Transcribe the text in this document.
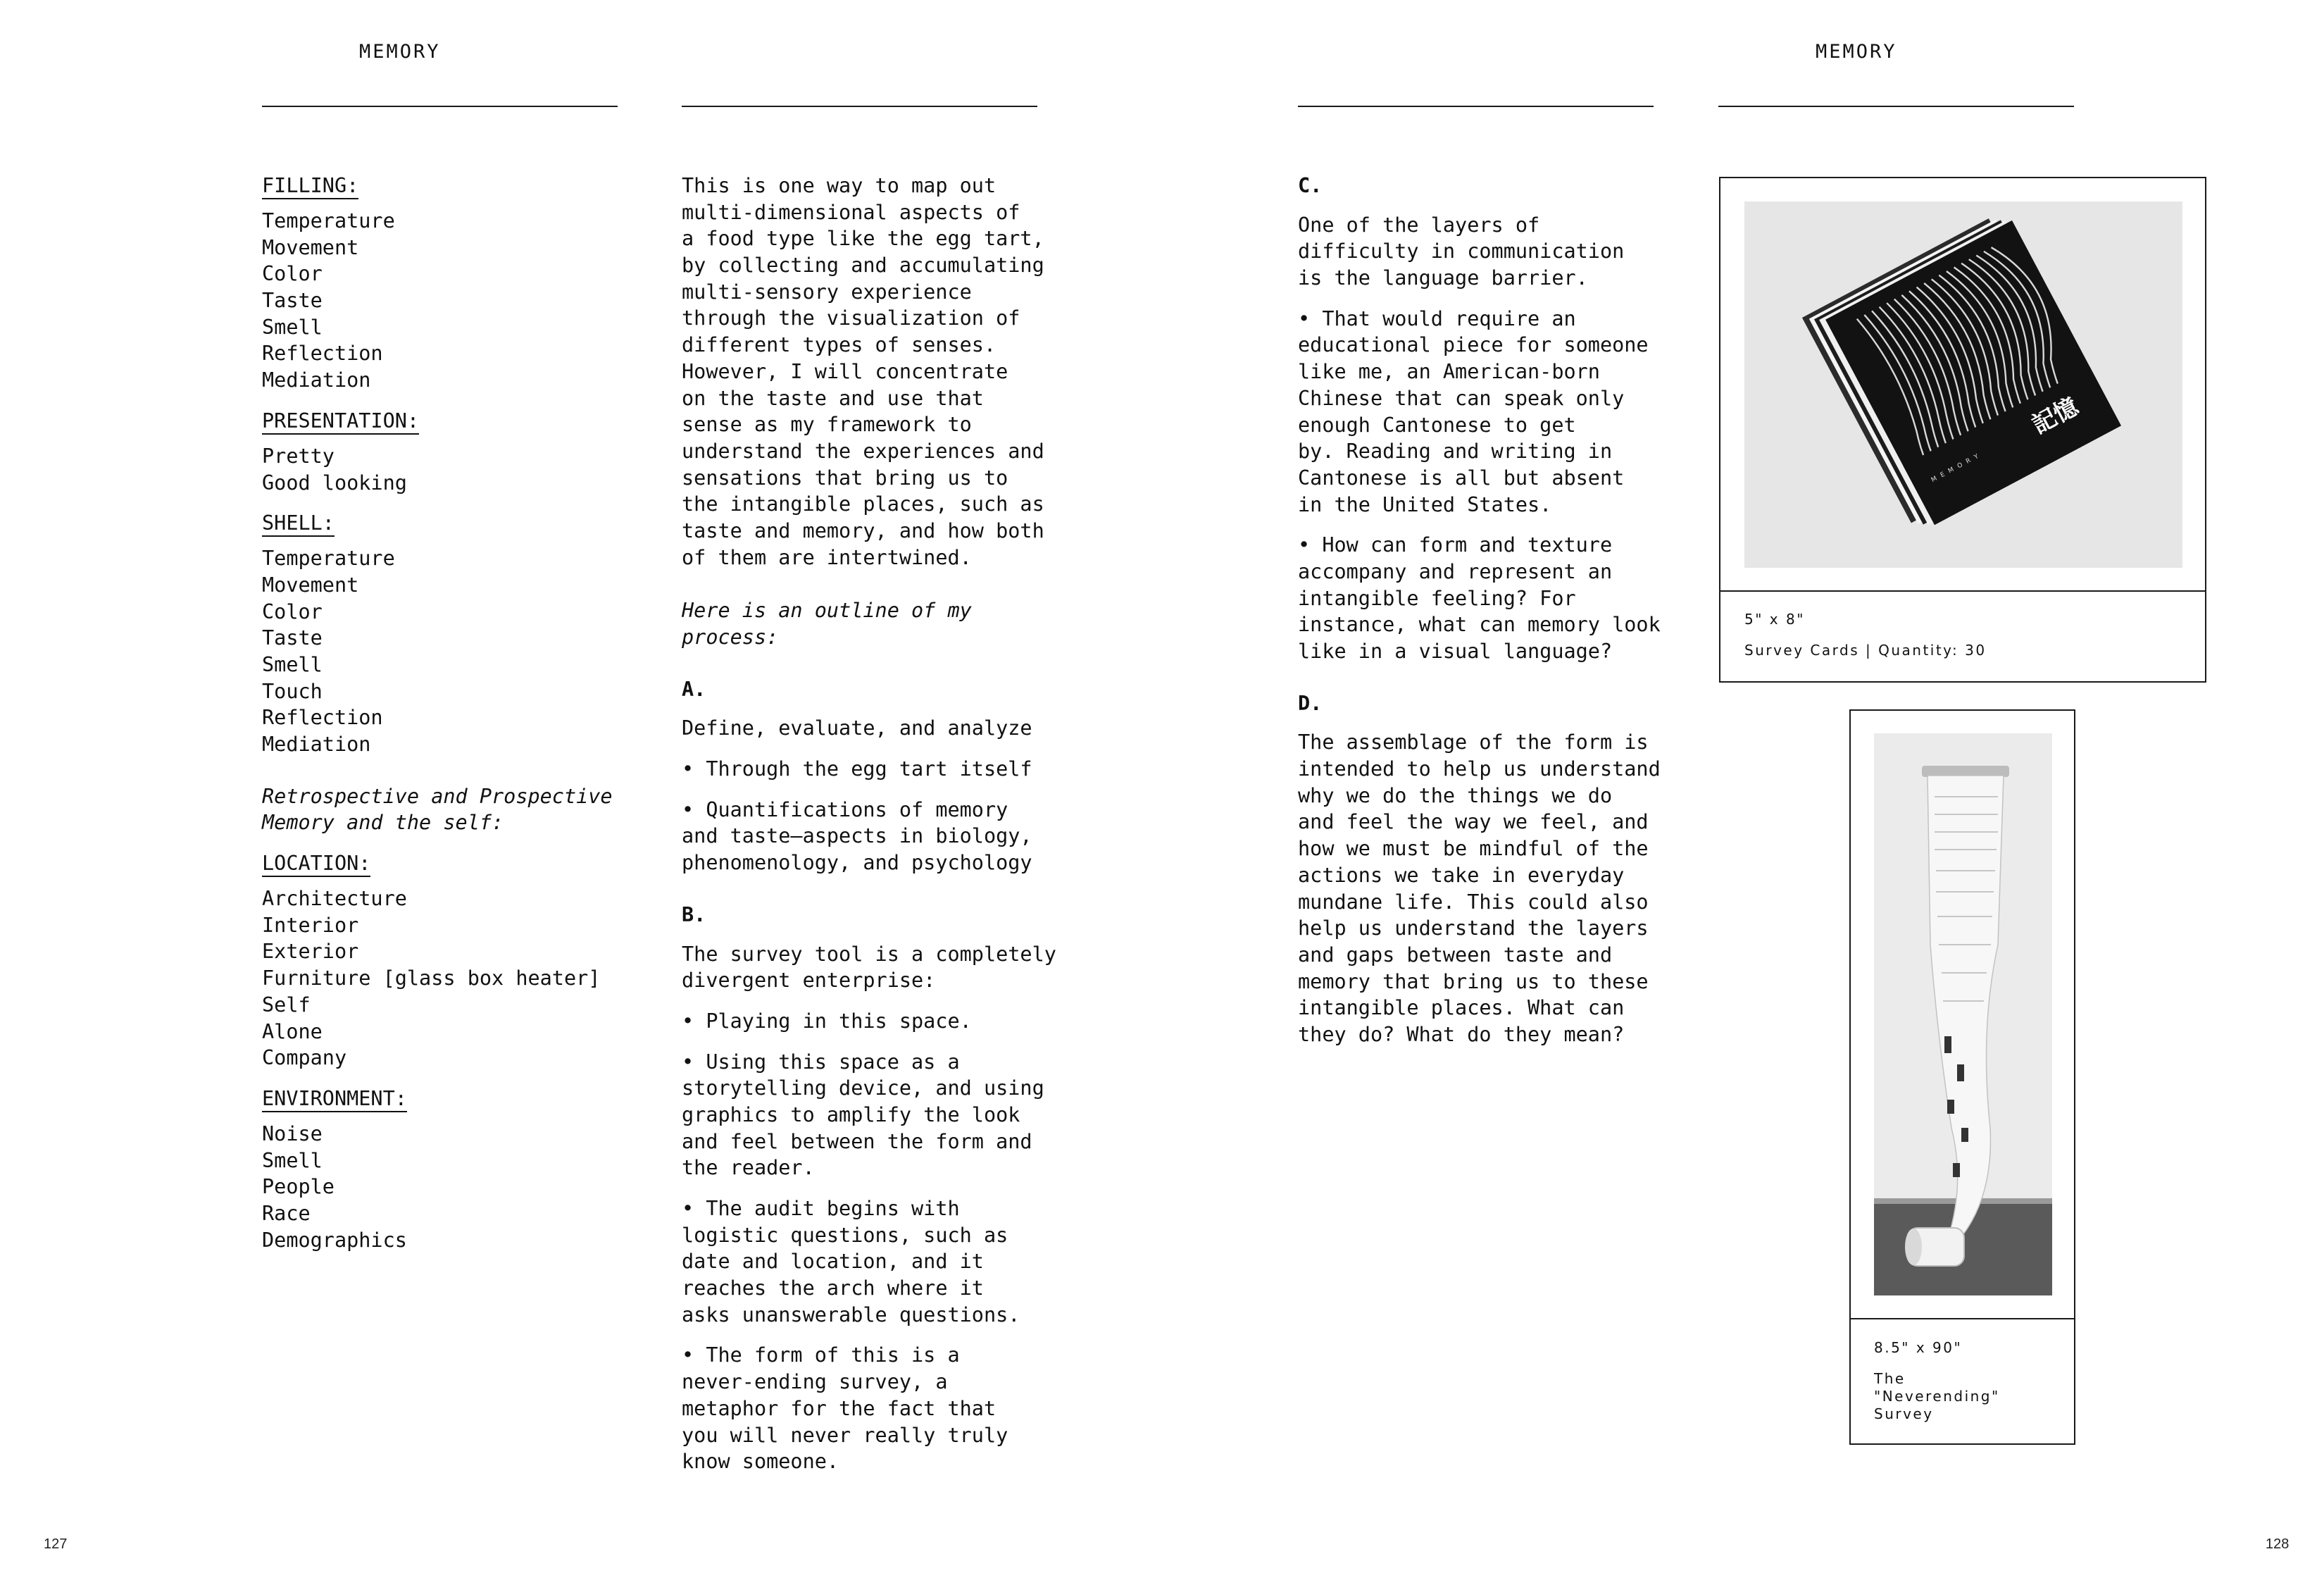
MEMORY	MEMORY
FILLING:
Temperature
Movement
Color
Taste
Smell
Reflection
Mediation
PRESENTATION:
Pretty
Good looking
SHELL:
Temperature
Movement
Color
Taste
Smell
Touch
Reflection
Mediation
Retrospective and Prospective
Memory and the self:
LOCATION:
Architecture
Interior
Exterior
Furniture [glass box heater]
Self
Alone
Company
ENVIRONMENT:
Noise
Smell
People
Race
Demographics
This is one way to map out
multi-dimensional aspects of
a food type like the egg tart,
by collecting and accumulating
multi-sensory experience
through the visualization of
different types of senses.
However, I will concentrate
on the taste and use that
sense as my framework to
understand the experiences and
sensations that bring us to
the intangible places, such as
taste and memory, and how both
of them are intertwined.
Here is an outline of my
process:
A.
Define, evaluate, and analyze
• Through the egg tart itself
• Quantifications of memory
and taste—aspects in biology,
phenomenology, and psychology
B.
The survey tool is a completely
divergent enterprise:
• Playing in this space.
• Using this space as a
storytelling device, and using
graphics to amplify the look
and feel between the form and
the reader.
• The audit begins with
logistic questions, such as
date and location, and it
reaches the arch where it
asks unanswerable questions.
• The form of this is a
never-ending survey, a
metaphor for the fact that
you will never really truly
know someone.
C.
One of the layers of
difficulty in communication
is the language barrier.
• That would require an
educational piece for someone
like me, an American-born
Chinese that can speak only
enough Cantonese to get
by. Reading and writing in
Cantonese is all but absent
in the United States.
• How can form and texture
accompany and represent an
intangible feeling? For
instance, what can memory look
like in a visual language?
D.
The assemblage of the form is
intended to help us understand
why we do the things we do
and feel the way we feel, and
how we must be mindful of the
actions we take in everyday
mundane life. This could also
help us understand the layers
and gaps between taste and
memory that bring us to these
intangible places. What can
they do? What do they mean?
M E M O R Y
記憶
5" x 8"
Survey Cards | Quantity: 30
8.5" x 90"
The
"Neverending"
Survey
127	128
